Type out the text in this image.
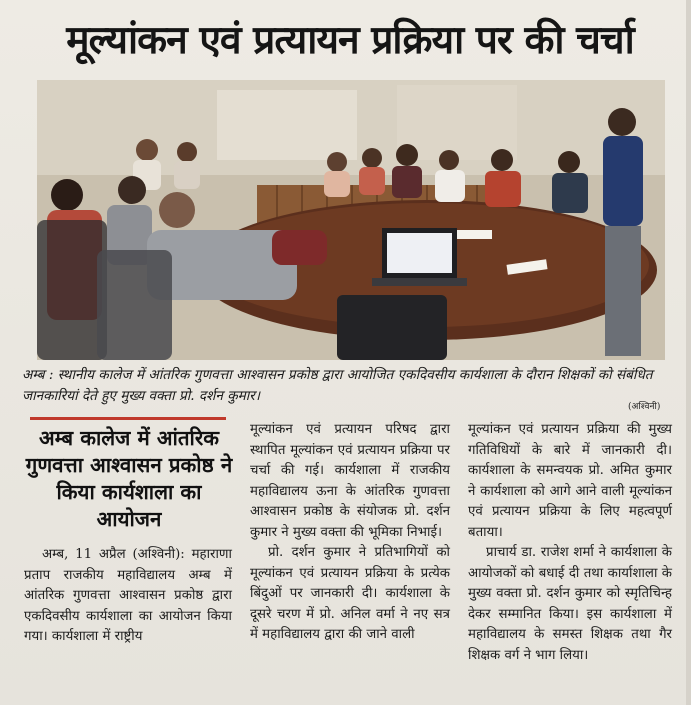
मूल्यांकन एवं प्रत्यायन प्रक्रिया पर की चर्चा
अम्ब : स्थानीय कालेज में आंतरिक गुणवत्ता आश्वासन प्रकोष्ठ द्वारा आयोजित एकदिवसीय कार्यशाला के दौरान शिक्षकों को संबंधित जानकारियां देते हुए मुख्य वक्ता प्रो. दर्शन कुमार।
(अश्विनी)
अम्ब कालेज में आंतरिक गुणवत्ता आश्वासन प्रकोष्ठ ने किया कार्यशाला का आयोजन

अम्ब, 11 अप्रैल (अश्विनी): महाराणा प्रताप राजकीय महाविद्यालय अम्ब में आंतरिक गुणवत्ता आश्वासन प्रकोष्ठ द्वारा एकदिवसीय कार्यशाला का आयोजन किया गया। कार्यशाला में राष्ट्रीय

मूल्यांकन एवं प्रत्यायन परिषद द्वारा स्थापित मूल्यांकन एवं प्रत्यायन प्रक्रिया पर चर्चा की गई। कार्यशाला में राजकीय महाविद्यालय ऊना के आंतरिक गुणवत्ता आश्वासन प्रकोष्ठ के संयोजक प्रो. दर्शन कुमार ने मुख्य वक्ता की भूमिका निभाई।

प्रो. दर्शन कुमार ने प्रतिभागियों को मूल्यांकन एवं प्रत्यायन प्रक्रिया के प्रत्येक बिंदुओं पर जानकारी दी। कार्यशाला के दूसरे चरण में प्रो. अनिल वर्मा ने नए सत्र में महाविद्यालय द्वारा की जाने वाली

मूल्यांकन एवं प्रत्यायन प्रक्रिया की मुख्य गतिविधियों के बारे में जानकारी दी। कार्यशाला के समन्वयक प्रो. अमित कुमार ने कार्यशाला को आगे आने वाली मूल्यांकन एवं प्रत्यायन प्रक्रिया के लिए महत्वपूर्ण बताया।

प्राचार्य डा. राजेश शर्मा ने कार्यशाला के आयोजकों को बधाई दी तथा कार्याशाला के मुख्य वक्ता प्रो. दर्शन कुमार को स्मृतिचिन्ह देकर सम्मानित किया। इस कार्यशाला में महाविद्यालय के समस्त शिक्षक तथा गैर शिक्षक वर्ग ने भाग लिया।
